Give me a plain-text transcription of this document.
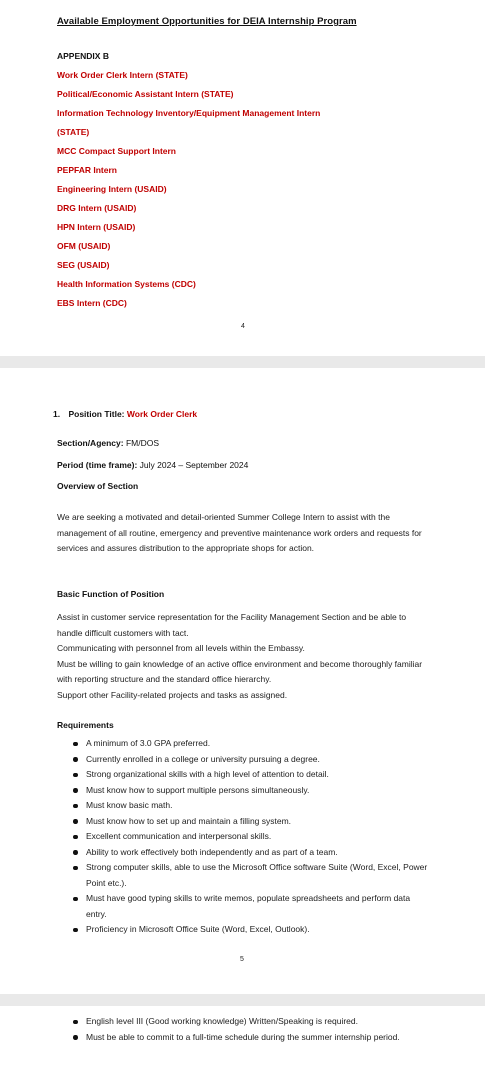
Available Employment Opportunities for DEIA Internship Program
APPENDIX B
Work Order Clerk Intern (STATE)
Political/Economic Assistant Intern (STATE)
Information Technology Inventory/Equipment Management Intern
(STATE)
MCC Compact Support Intern
PEPFAR Intern
Engineering Intern (USAID)
DRG Intern (USAID)
HPN Intern (USAID)
OFM (USAID)
SEG (USAID)
Health Information Systems (CDC)
EBS Intern (CDC)
4
1. Position Title: Work Order Clerk
Section/Agency: FM/DOS
Period (time frame): July 2024 – September 2024
Overview of Section

We are seeking a motivated and detail-oriented Summer College Intern to assist with the management of all routine, emergency and preventive maintenance work orders and requests for services and assures distribution to the appropriate shops for action.

Basic Function of Position

Assist in customer service representation for the Facility Management Section and be able to handle difficult customers with tact.

Communicating with personnel from all levels within the Embassy.

Must be willing to gain knowledge of an active office environment and become thoroughly familiar with reporting structure and the standard office hierarchy.

Support other Facility-related projects and tasks as assigned.

Requirements
A minimum of 3.0 GPA preferred.
Currently enrolled in a college or university pursuing a degree.
Strong organizational skills with a high level of attention to detail.
Must know how to support multiple persons simultaneously.
Must know basic math.
Must know how to set up and maintain a filling system.
Excellent communication and interpersonal skills.
Ability to work effectively both independently and as part of a team.
Strong computer skills, able to use the Microsoft Office software Suite (Word, Excel, Power Point etc.).
Must have good typing skills to write memos, populate spreadsheets and perform data entry.
Proficiency in Microsoft Office Suite (Word, Excel, Outlook).
5
English level III (Good working knowledge) Written/Speaking is required.
Must be able to commit to a full-time schedule during the summer internship period.
